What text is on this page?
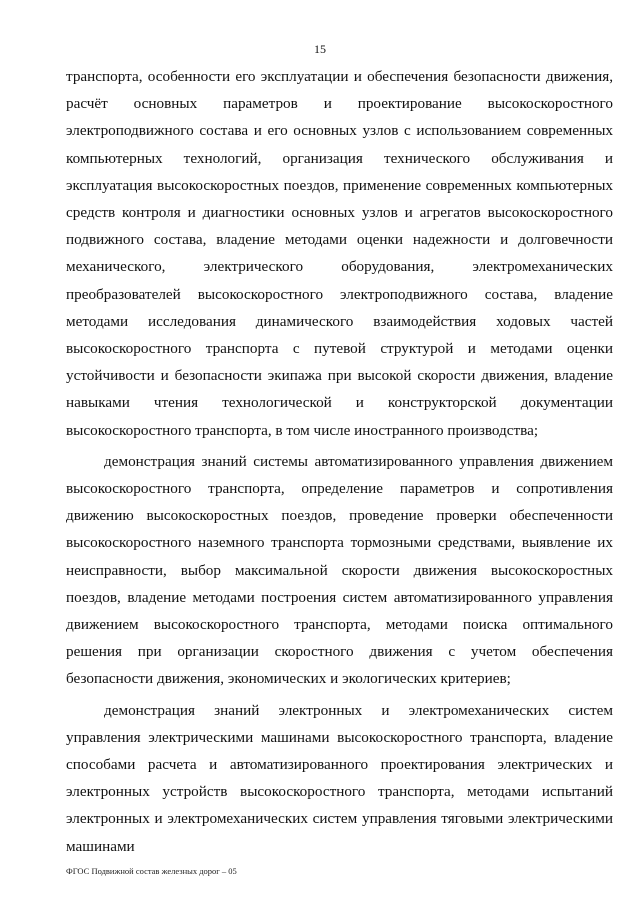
15

транспорта, особенности его эксплуатации и обеспечения безопасности движения, расчёт основных параметров и проектирование высокоскоростного электроподвижного состава и его основных узлов с использованием современных компьютерных технологий, организация технического обслуживания и эксплуатация высокоскоростных поездов, применение современных компьютерных средств контроля и диагностики основных узлов и агрегатов высокоскоростного подвижного состава, владение методами оценки надежности и долговечности механического, электрического оборудования, электромеханических преобразователей высокоскоростного электроподвижного состава, владение методами исследования динамического взаимодействия ходовых частей высокоскоростного транспорта с путевой структурой и методами оценки устойчивости и безопасности экипажа при высокой скорости движения, владение навыками чтения технологической и конструкторской документации высокоскоростного транспорта, в том числе иностранного производства;

демонстрация знаний системы автоматизированного управления движением высокоскоростного транспорта, определение параметров и сопротивления движению высокоскоростных поездов, проведение проверки обеспеченности высокоскоростного наземного транспорта тормозными средствами, выявление их неисправности, выбор максимальной скорости движения высокоскоростных поездов, владение методами построения систем автоматизированного управления движением высокоскоростного транспорта, методами поиска оптимального решения при организации скоростного движения с учетом обеспечения безопасности движения, экономических и экологических критериев;

демонстрация знаний электронных и электромеханических систем управления электрическими машинами высокоскоростного транспорта, владение способами расчета и автоматизированного проектирования электрических и электронных устройств высокоскоростного транспорта, методами испытаний электронных и электромеханических систем управления тяговыми электрическими машинами

ФГОС Подвижной состав железных дорог – 05
